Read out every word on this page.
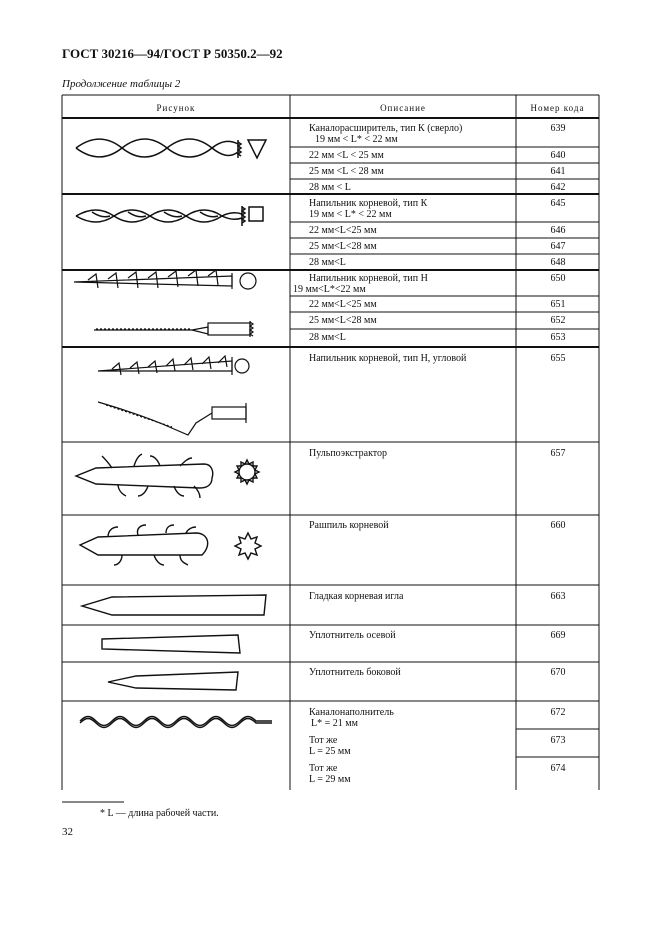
ГОСТ 30216—94/ГОСТ Р 50350.2—92
Продолжение таблицы 2
Рисунок	Описание	Номер кода
Каналорасширитель, тип К (сверло)
19 мм < L* < 22 мм
22 мм <L < 25 мм
25 мм <L < 28 мм
28 мм < L
Напильник корневой, тип К
19 мм < L* < 22 мм
22 мм<L<25 мм
25 мм<L<28 мм
28 мм<L
Напильник корневой, тип Н
19 мм<L*<22 мм
22 мм<L<25 мм
25 мм<L<28 мм
28 мм<L
Напильник корневой, тип Н, угловой
Пульпоэкстрактор
Рашпиль корневой
Гладкая корневая игла
Уплотнитель осевой
Уплотнитель боковой
Каналонаполнитель
L* = 21 мм
Тот же
L = 25 мм
Тот же
L = 29 мм
639
640
641
642
645
646
647
648
650
651
652
653
655
657
660
663
669
670
672
673
674
* L — длина рабочей части.
32
